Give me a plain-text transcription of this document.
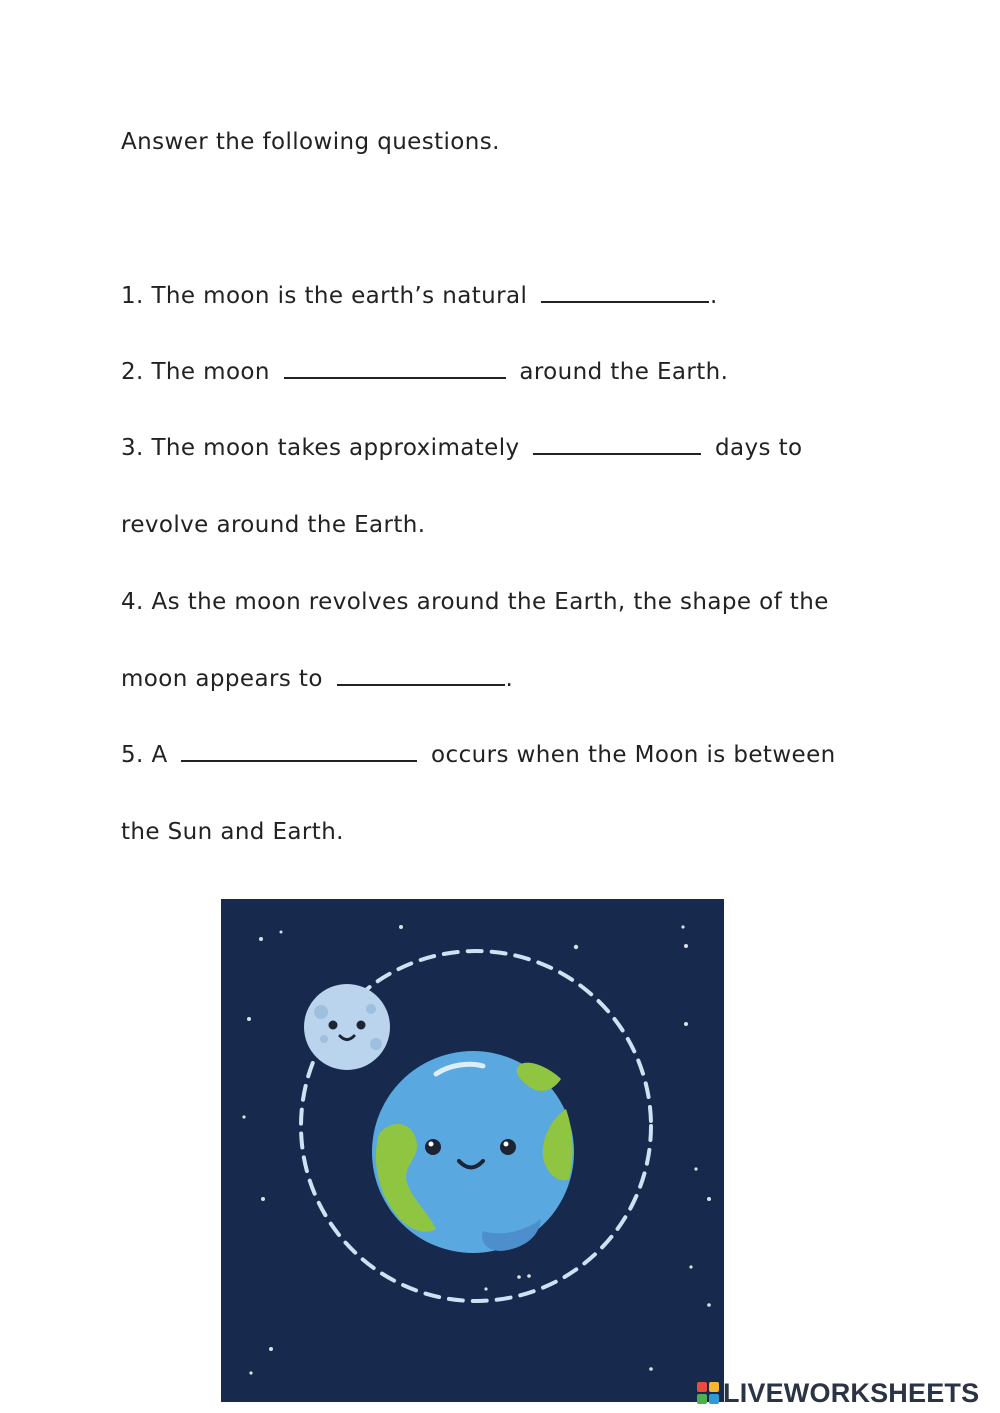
Answer the following questions.
1. The moon is the earth’s natural	.
2. The moon	around the Earth.
3. The moon takes approximately	days to
revolve around the Earth.
4. As the moon revolves around the Earth, the shape of the
moon appears to	.
5. A	occurs when the Moon is between
the Sun and Earth.
LIVEWORKSHEETS
